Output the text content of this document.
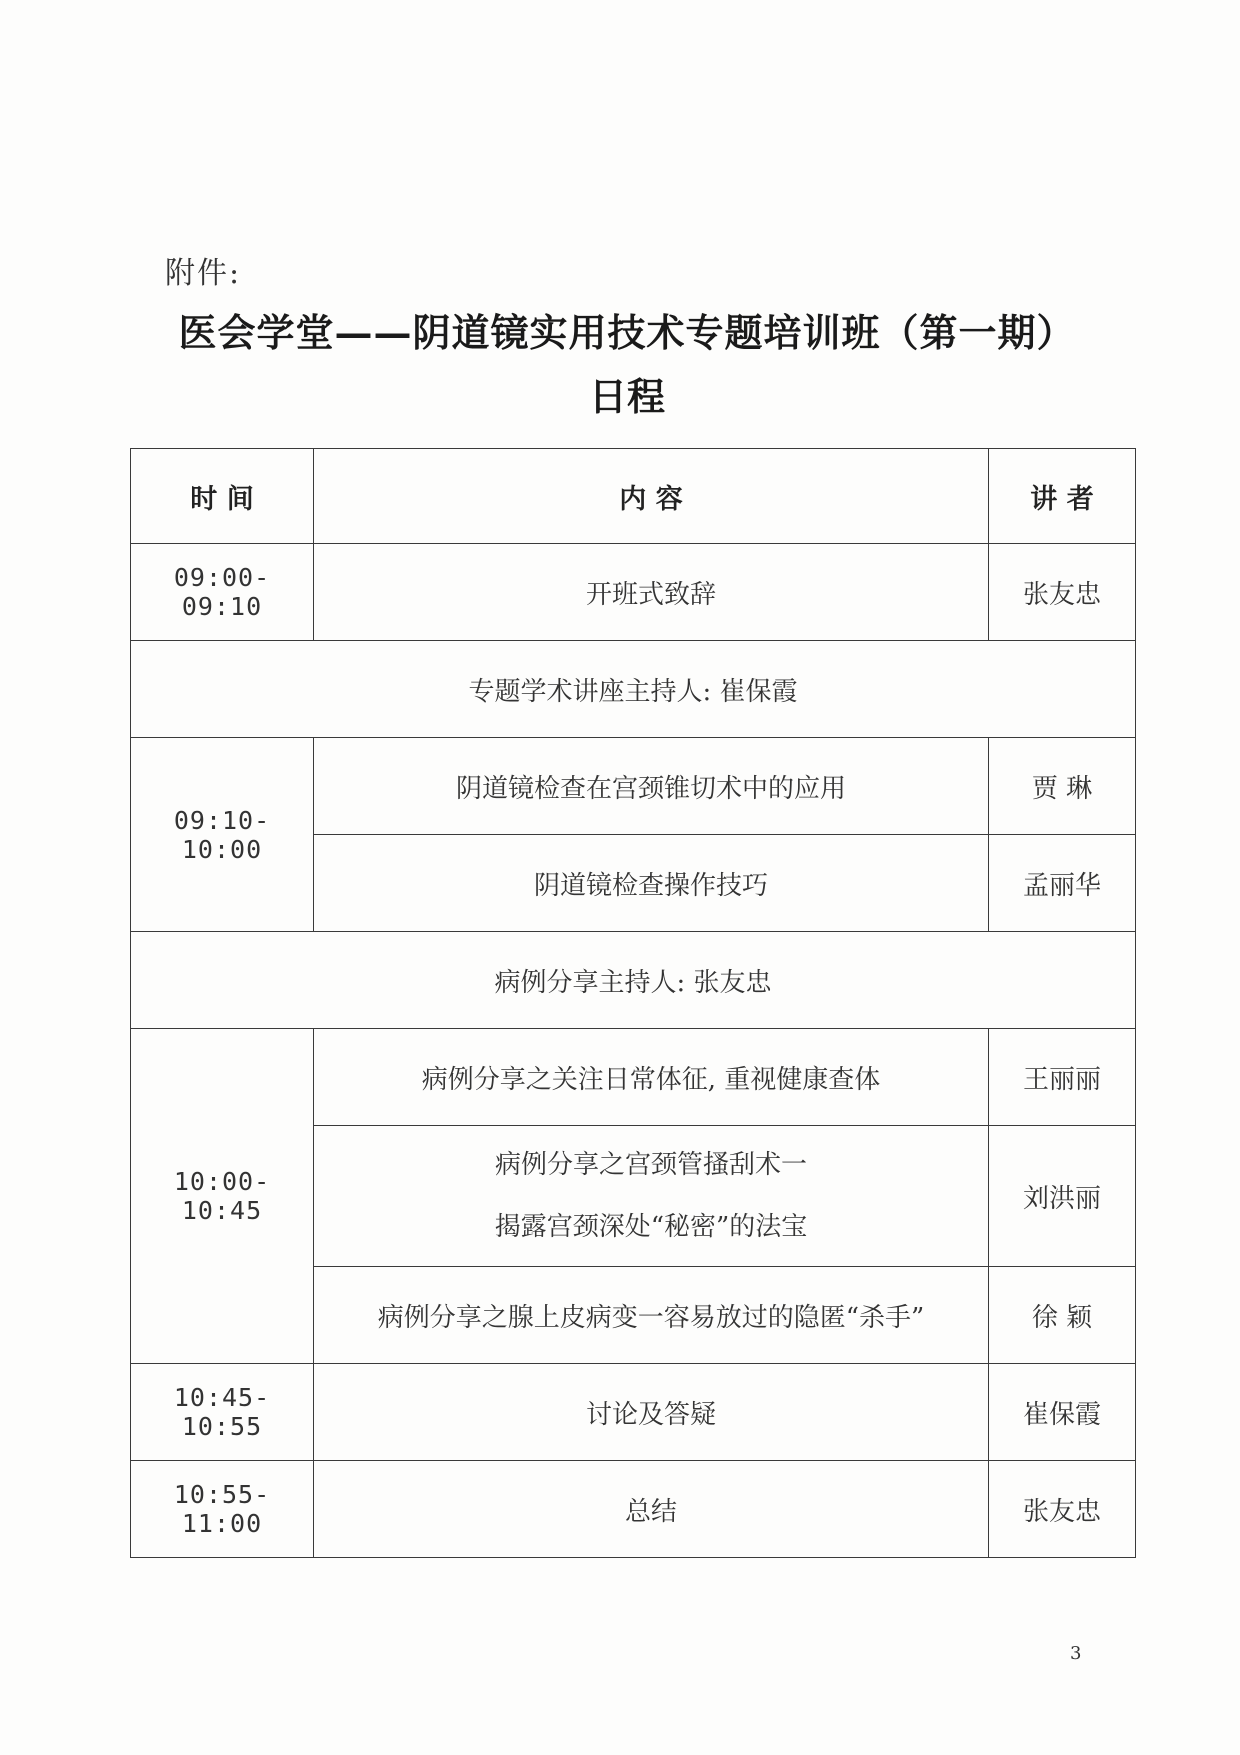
附件:
医会学堂——阴道镜实用技术专题培训班（第一期）
日程
时 间	内 容	讲 者
09:00-09:10	开班式致辞	张友忠
专题学术讲座主持人: 崔保霞		
09:10-10:00	阴道镜检查在宫颈锥切术中的应用	贾 琳
	阴道镜检查操作技巧	孟丽华
病例分享主持人: 张友忠		
10:00-10:45	病例分享之关注日常体征, 重视健康查体	王丽丽

	病例分享之宫颈管搔刮术一
揭露宫颈深处“秘密”的法宝	刘洪丽
	病例分享之腺上皮病变一容易放过的隐匿“杀手”	徐 颖
10:45-10:55	讨论及答疑	崔保霞
10:55-11:00	总结	张友忠
3
